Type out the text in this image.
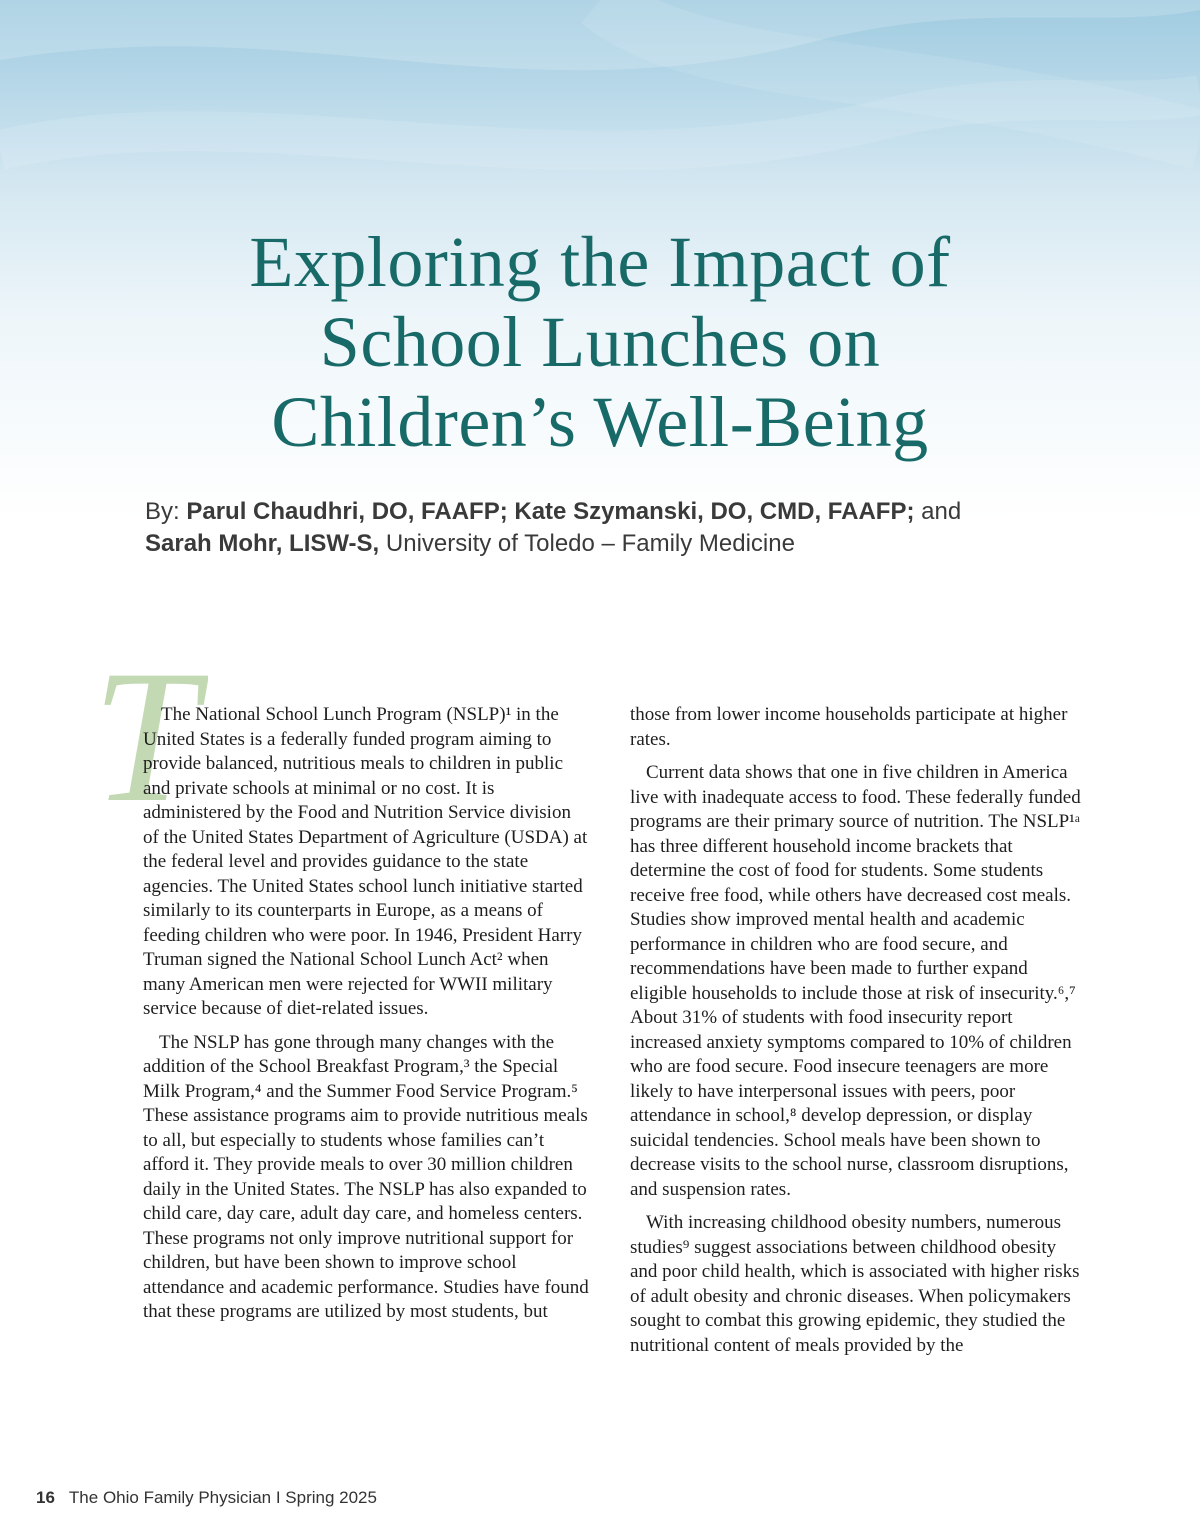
Exploring the Impact of
School Lunches on
Children’s Well-Being
By: Parul Chaudhri, DO, FAAFP; Kate Szymanski, DO, CMD, FAAFP; and
Sarah Mohr, LISW-S, University of Toledo – Family Medicine
T

The National School Lunch Program (NSLP)¹ in the United States is a federally funded program aiming to provide balanced, nutritious meals to children in public and private schools at minimal or no cost. It is administered by the Food and Nutrition Service division of the United States Department of Agriculture (USDA) at the federal level and provides guidance to the state agencies. The United States school lunch initiative started similarly to its counterparts in Europe, as a means of feeding children who were poor. In 1946, President Harry Truman signed the National School Lunch Act² when many American men were rejected for WWII military service because of diet-related issues.

The NSLP has gone through many changes with the addition of the School Breakfast Program,³ the Special Milk Program,⁴ and the Summer Food Service Program.⁵ These assistance programs aim to provide nutritious meals to all, but especially to students whose families can’t afford it. They provide meals to over 30 million children daily in the United States. The NSLP has also expanded to child care, day care, adult day care, and homeless centers. These programs not only improve nutritional support for children, but have been shown to improve school attendance and academic performance. Studies have found that these programs are utilized by most students, but

those from lower income households participate at higher rates.

Current data shows that one in five children in America live with inadequate access to food. These federally funded programs are their primary source of nutrition. The NSLP¹ᵃ has three different household income brackets that determine the cost of food for students. Some students receive free food, while others have decreased cost meals. Studies show improved mental health and academic performance in children who are food secure, and recommendations have been made to further expand eligible households to include those at risk of insecurity.⁶,⁷ About 31% of students with food insecurity report increased anxiety symptoms compared to 10% of children who are food secure. Food insecure teenagers are more likely to have interpersonal issues with peers, poor attendance in school,⁸ develop depression, or display suicidal tendencies. School meals have been shown to decrease visits to the school nurse, classroom disruptions, and suspension rates.

With increasing childhood obesity numbers, numerous studies⁹ suggest associations between childhood obesity and poor child health, which is associated with higher risks of adult obesity and chronic diseases. When policymakers sought to combat this growing epidemic, they studied the nutritional content of meals provided by the

16 The Ohio Family Physician I Spring 2025
